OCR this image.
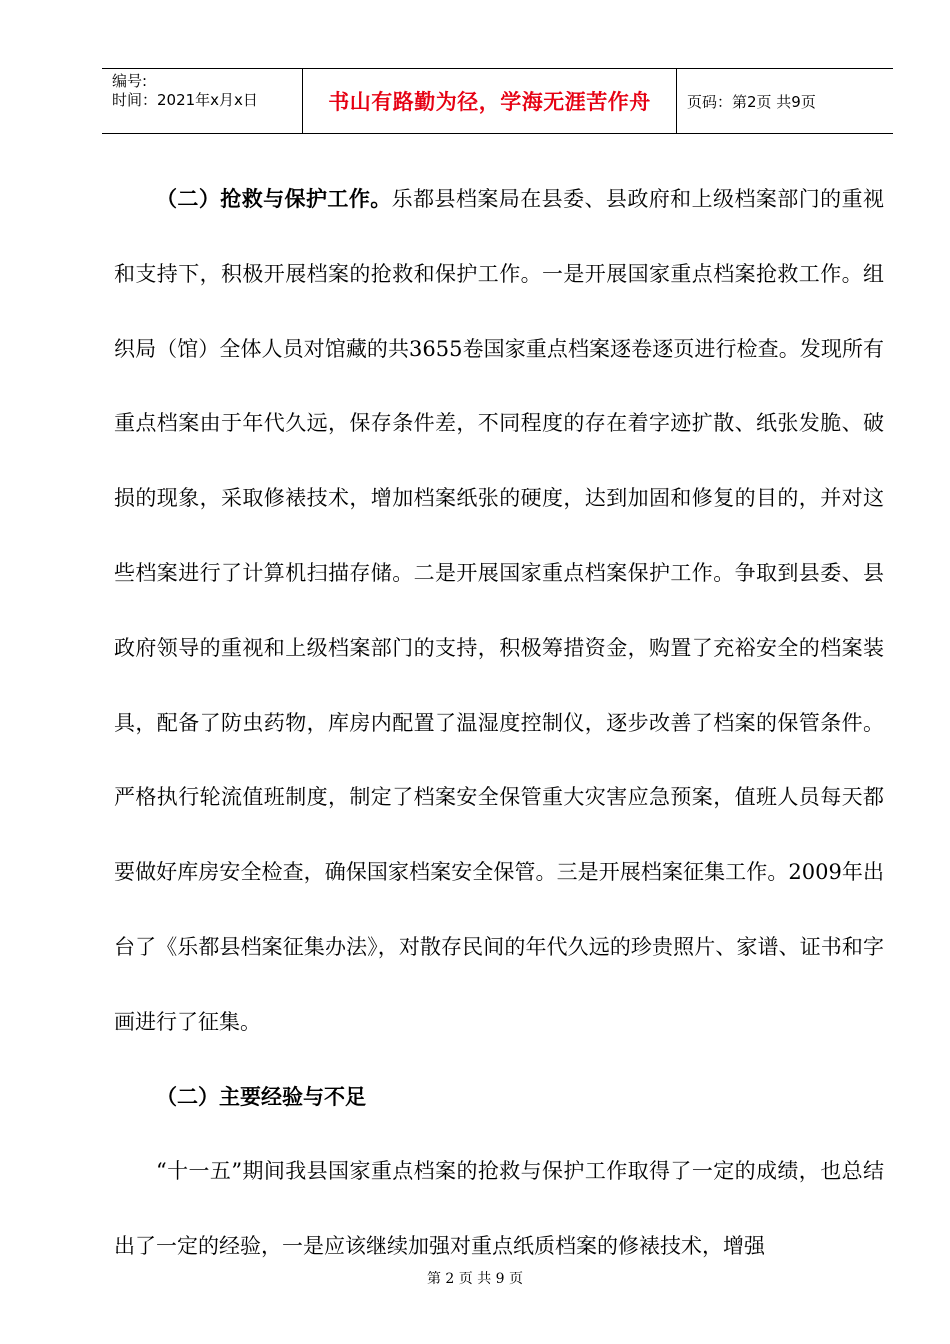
编号:
时间：2021年x月x日	书山有路勤为径，学海无涯苦作舟	页码：第2页 共9页

（二）抢救与保护工作。乐都县档案局在县委、县政府和上级档案部门的重视和支持下，积极开展档案的抢救和保护工作。一是开展国家重点档案抢救工作。组织局（馆）全体人员对馆藏的共3655卷国家重点档案逐卷逐页进行检查。发现所有重点档案由于年代久远，保存条件差，不同程度的存在着字迹扩散、纸张发脆、破损的现象，采取修裱技术，增加档案纸张的硬度，达到加固和修复的目的，并对这些档案进行了计算机扫描存储。二是开展国家重点档案保护工作。争取到县委、县政府领导的重视和上级档案部门的支持，积极筹措资金，购置了充裕安全的档案装具，配备了防虫药物，库房内配置了温湿度控制仪，逐步改善了档案的保管条件。严格执行轮流值班制度，制定了档案安全保管重大灾害应急预案，值班人员每天都要做好库房安全检查，确保国家档案安全保管。三是开展档案征集工作。2009年出台了《乐都县档案征集办法》，对散存民间的年代久远的珍贵照片、家谱、证书和字画进行了征集。

（二）主要经验与不足

“十一五”期间我县国家重点档案的抢救与保护工作取得了一定的成绩，也总结出了一定的经验，一是应该继续加强对重点纸质档案的修裱技术，增强

第 2 页 共 9 页
